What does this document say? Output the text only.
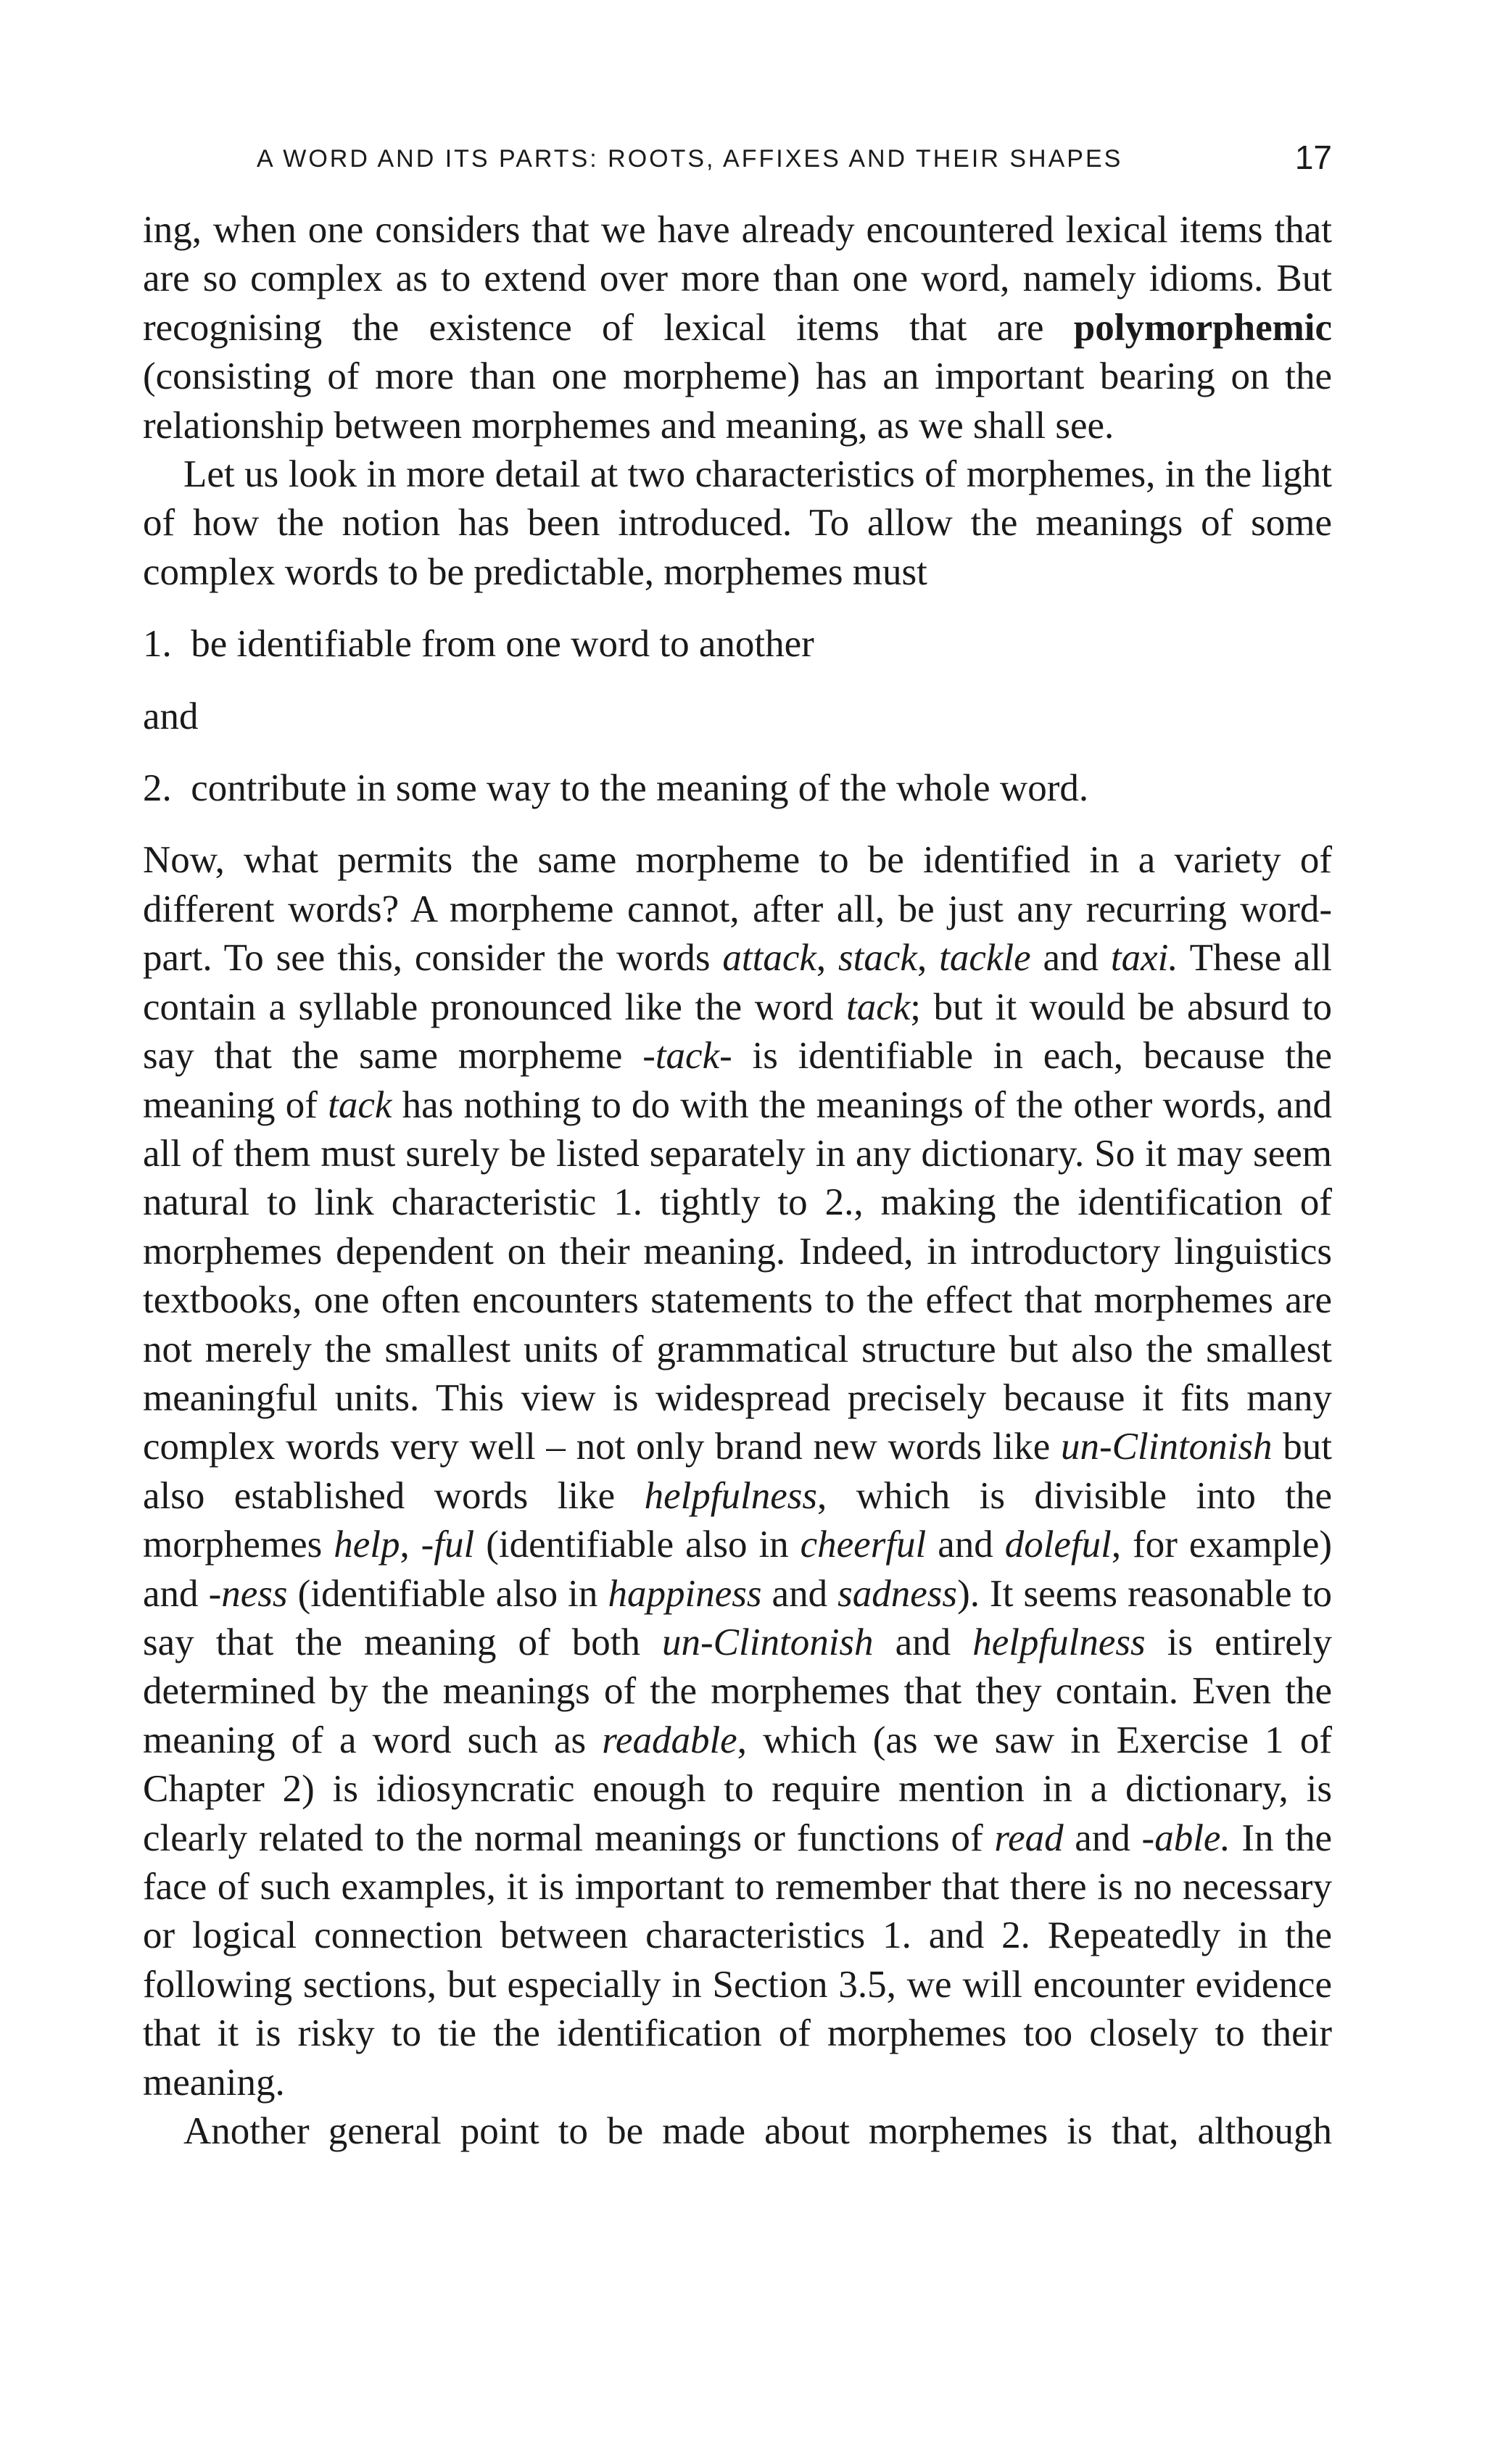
A WORD AND ITS PARTS: ROOTS, AFFIXES AND THEIR SHAPES	17

ing, when one considers that we have already encountered lexical items that are so complex as to extend over more than one word, namely idioms. But recognising the existence of lexical items that are polymorphemic (consisting of more than one morpheme) has an important bearing on the relationship between morphemes and meaning, as we shall see.

Let us look in more detail at two characteristics of morphemes, in the light of how the notion has been introduced. To allow the meanings of some complex words to be predictable, morphemes must

1. be identifiable from one word to another

and

2. contribute in some way to the meaning of the whole word.

Now, what permits the same morpheme to be identified in a variety of different words? A morpheme cannot, after all, be just any recurring word-part. To see this, consider the words attack, stack, tackle and taxi. These all contain a syllable pronounced like the word tack; but it would be absurd to say that the same morpheme -tack- is identifiable in each, because the meaning of tack has nothing to do with the meanings of the other words, and all of them must surely be listed separately in any dictionary. So it may seem natural to link characteristic 1. tightly to 2., making the identification of morphemes dependent on their meaning. Indeed, in introductory linguistics textbooks, one often encounters statements to the effect that morphemes are not merely the smallest units of grammatical structure but also the smallest meaningful units. This view is widespread precisely because it fits many complex words very well – not only brand new words like un-Clintonish but also established words like helpfulness, which is divisible into the morphemes help, -ful (identifiable also in cheerful and doleful, for example) and -ness (identifiable also in happiness and sadness). It seems reasonable to say that the meaning of both un-Clintonish and helpfulness is entirely determined by the meanings of the morphemes that they contain. Even the meaning of a word such as readable, which (as we saw in Exercise 1 of Chapter 2) is idiosyncratic enough to require mention in a dictionary, is clearly related to the normal meanings or functions of read and -able. In the face of such examples, it is important to remember that there is no necessary or logical connection between characteristics 1. and 2. Repeatedly in the following sections, but especially in Section 3.5, we will encounter evidence that it is risky to tie the identification of morphemes too closely to their meaning.

Another general point to be made about morphemes is that, although
